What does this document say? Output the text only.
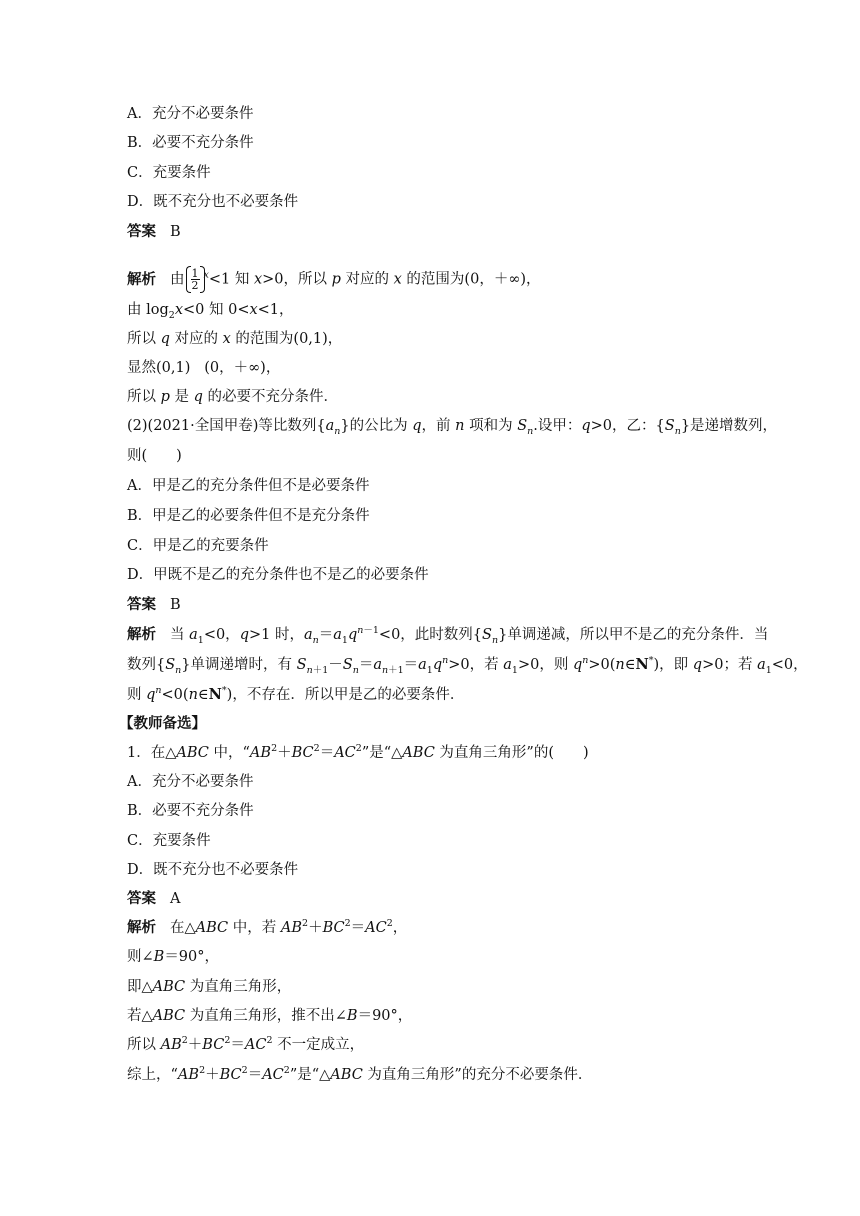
A．充分不必要条件
B．必要不充分条件
C．充要条件
D．既不充分也不必要条件
答案 B
解析 由 $\frac{1}{2} ^x<1$ 知 x>0，所以 p 对应的 x 的范围为(0，＋∞)，
由 $\log_2x<0$ 知 0<x<1，
所以 q 对应的 x 的范围为(0,1)，
显然(0,1)   (0，＋∞)，
所以 p 是 q 的必要不充分条件．
(2)(2021·全国甲卷)等比数列$\{a_n\}$的公比为 q，前 n 项和为 $S_n$.设甲：q>0，乙：$\{S_n\}$是递增数列，
则(　　)
A．甲是乙的充分条件但不是必要条件
B．甲是乙的必要条件但不是充分条件
C．甲是乙的充要条件
D．甲既不是乙的充分条件也不是乙的必要条件
答案 B
解析 当 $a_1<0$，q>1 时，$a_n=a_1q^{n-1}<0$，此时数列$\{S_n\}$单调递减，所以甲不是乙的充分条件．当
数列$\{S_n\}$单调递增时，有 $S_{n+1}-S_n=a_{n+1}=a_1q^n>0$，若 $a_1>0$，则 $q^n>0(n\in N^*)$，即 q>0；若 $a_1<0$，
则 $q^n<0(n\in N^*)$，不存在．所以甲是乙的必要条件．
【教师备选】
1．在△ABC 中，“$AB^2+BC^2=AC^2$”是“△ABC 为直角三角形”的(　　)
A．充分不必要条件
B．必要不充分条件
C．充要条件
D．既不充分也不必要条件
答案 A
解析 在△ABC 中，若 $AB^2+BC^2=AC^2$，
则∠B＝90°，
即△ABC 为直角三角形，
若△ABC 为直角三角形，推不出∠B＝90°，
所以 $AB^2+BC^2=AC^2$ 不一定成立，
综上，“$AB^2+BC^2=AC^2$”是“△ABC 为直角三角形”的充分不必要条件．
